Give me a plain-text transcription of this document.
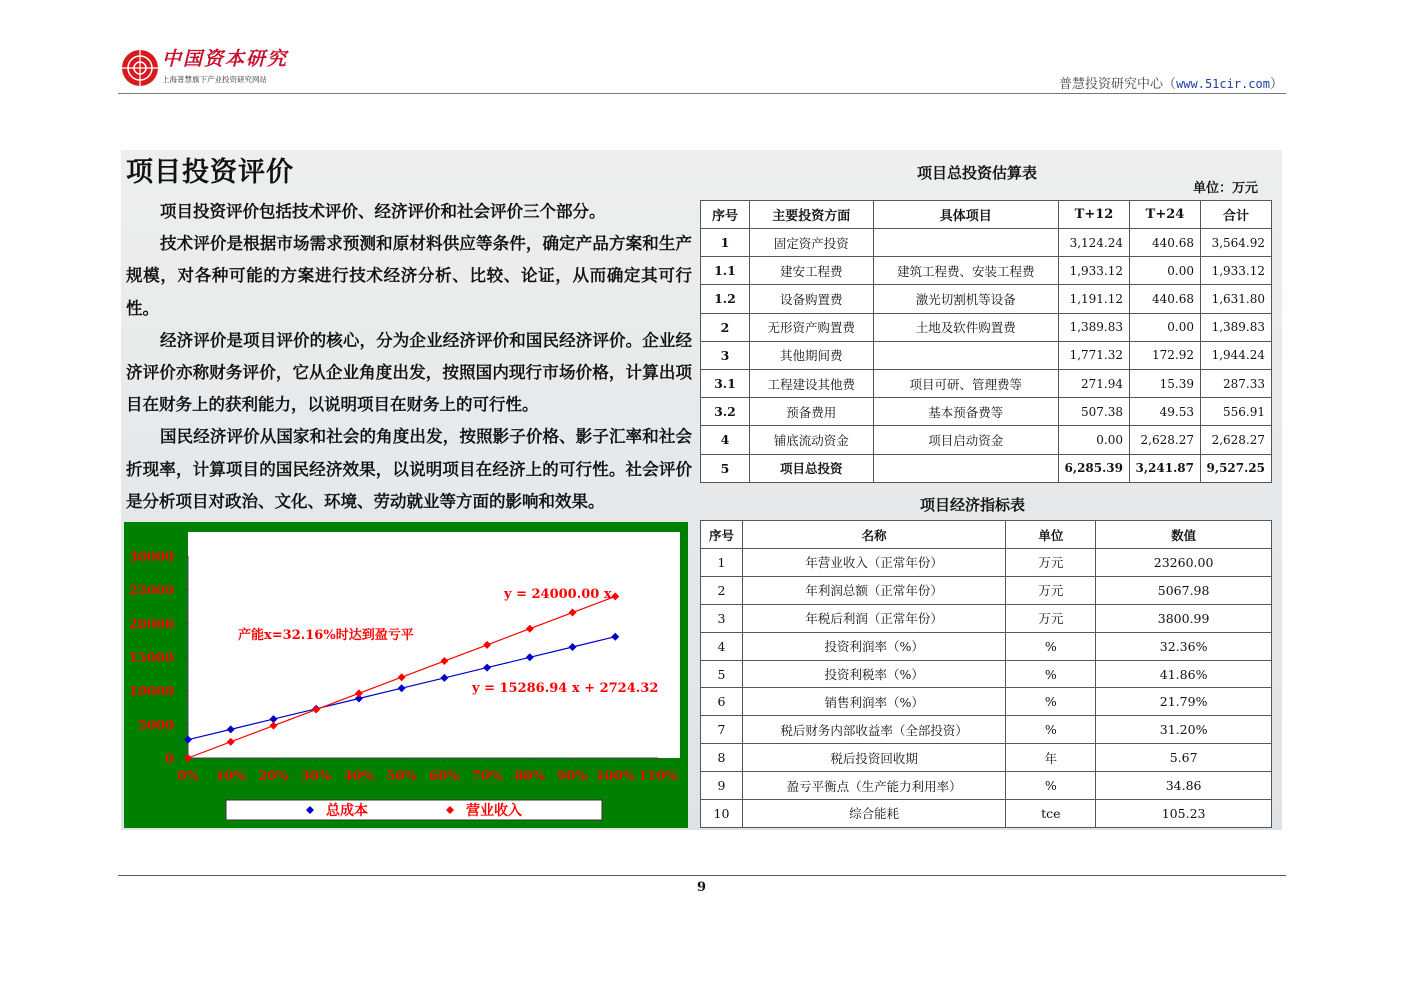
中国资本研究
上海普慧旗下产业投资研究网站	普慧投资研究中心（www.51cir.com）
项目投资评价

项目投资评价包括技术评价、经济评价和社会评价三个部分。

技术评价是根据市场需求预测和原材料供应等条件，确定产品方案和生产规模，对各种可能的方案进行技术经济分析、比较、论证，从而确定其可行性。

经济评价是项目评价的核心，分为企业经济评价和国民经济评价。企业经济评价亦称财务评价，它从企业角度出发，按照国内现行市场价格，计算出项目在财务上的获利能力，以说明项目在财务上的可行性。

国民经济评价从国家和社会的角度出发，按照影子价格、影子汇率和社会折现率，计算项目的国民经济效果，以说明项目在经济上的可行性。社会评价是分析项目对政治、文化、环境、劳动就业等方面的影响和效果。

项目总投资估算表
单位：万元
序号	主要投资方面	具体项目	T+12	T+24	合计
1	固定资产投资		3,124.24	440.68	3,564.92
1.1	建安工程费	建筑工程费、安装工程费	1,933.12	0.00	1,933.12
1.2	设备购置费	激光切割机等设备	1,191.12	440.68	1,631.80
2	无形资产购置费	土地及软件购置费	1,389.83	0.00	1,389.83
3	其他期间费		1,771.32	172.92	1,944.24
3.1	工程建设其他费	项目可研、管理费等	271.94	15.39	287.33
3.2	预备费用	基本预备费等	507.38	49.53	556.91
4	铺底流动资金	项目启动资金	0.00	2,628.27	2,628.27
5	项目总投资		6,285.39	3,241.87	9,527.25
项目经济指标表
序号	名称	单位	数值
1	年营业收入（正常年份）	万元	23260.00
2	年利润总额（正常年份）	万元	5067.98
3	年税后利润（正常年份）	万元	3800.99
4	投资利润率（%）	%	32.36%
5	投资利税率（%）	%	41.86%
6	销售利润率（%）	%	21.79%
7	税后财务内部收益率（全部投资）	%	31.20%
8	税后投资回收期	年	5.67
9	盈亏平衡点（生产能力利用率）	%	34.86
10	综合能耗	tce	105.23
0
5000
10000
15000
20000
25000
30000
0% 10% 20% 30% 40% 50% 60% 70% 80% 90% 100% 110%
y = 24000.00 x
y = 15286.94 x + 2724.32
产能x=32.16%时达到盈亏平
总成本	营业收入
9
